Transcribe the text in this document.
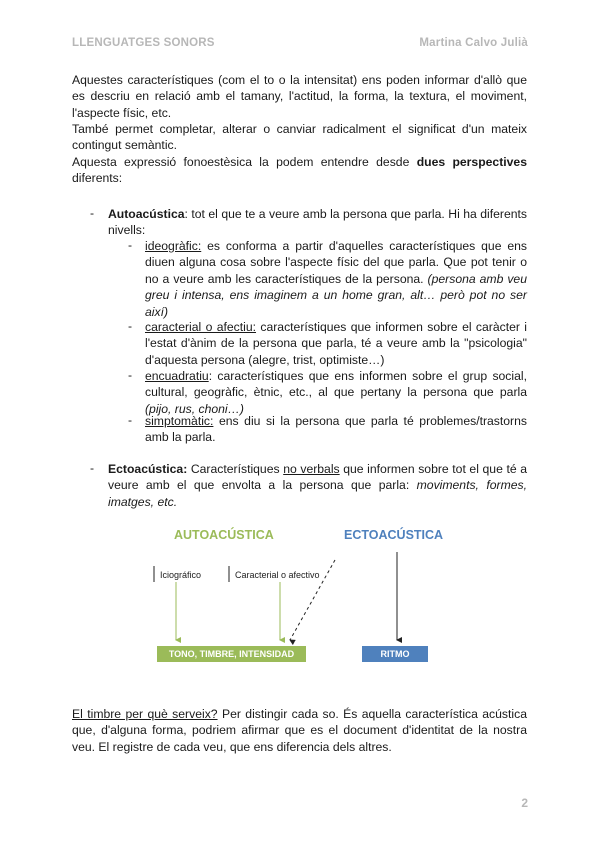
LLENGUATGES SONORS	Martina Calvo Julià
Aquestes característiques (com el to o la intensitat) ens poden informar d'allò que es descriu en relació amb el tamany, l'actitud, la forma, la textura, el moviment, l'aspecte físic, etc.
També permet completar, alterar o canviar radicalment el significat d'un mateix contingut semàntic.
Aquesta expressió fonoestèsica la podem entendre desde dues perspectives diferents:
- Autoacústica: tot el que te a veure amb la persona que parla. Hi ha diferents nivells:
- ideogràfic: es conforma a partir d'aquelles característiques que ens diuen alguna cosa sobre l'aspecte físic del que parla. Que pot tenir o no a veure amb les característiques de la persona. (persona amb veu greu i intensa, ens imaginem a un home gran, alt… però pot no ser així)
- caracterial o afectiu: característiques que informen sobre el caràcter i l'estat d'ànim de la persona que parla, té a veure amb la "psicologia" d'aquesta persona (alegre, trist, optimiste…)
- encuadratiu: característiques que ens informen sobre el grup social, cultural, geogràfic, ètnic, etc., al que pertany la persona que parla (pijo, rus, choni…)
- simptomàtic: ens diu si la persona que parla té problemes/trastorns amb la parla.
- Ectoacústica: Característiques no verbals que informen sobre tot el que té a veure amb el que envolta a la persona que parla: moviments, formes, imatges, etc.
AUTOACÚSTICA	ECTOACÚSTICA
Iciográfico	Caracterial o afectivo
TONO, TIMBRE, INTENSIDAD	RITMO
El timbre per què serveix? Per distingir cada so. És aquella característica acústica que, d'alguna forma, podriem afirmar que es el document d'identitat de la nostra veu. El registre de cada veu, que ens diferencia dels altres.
2
